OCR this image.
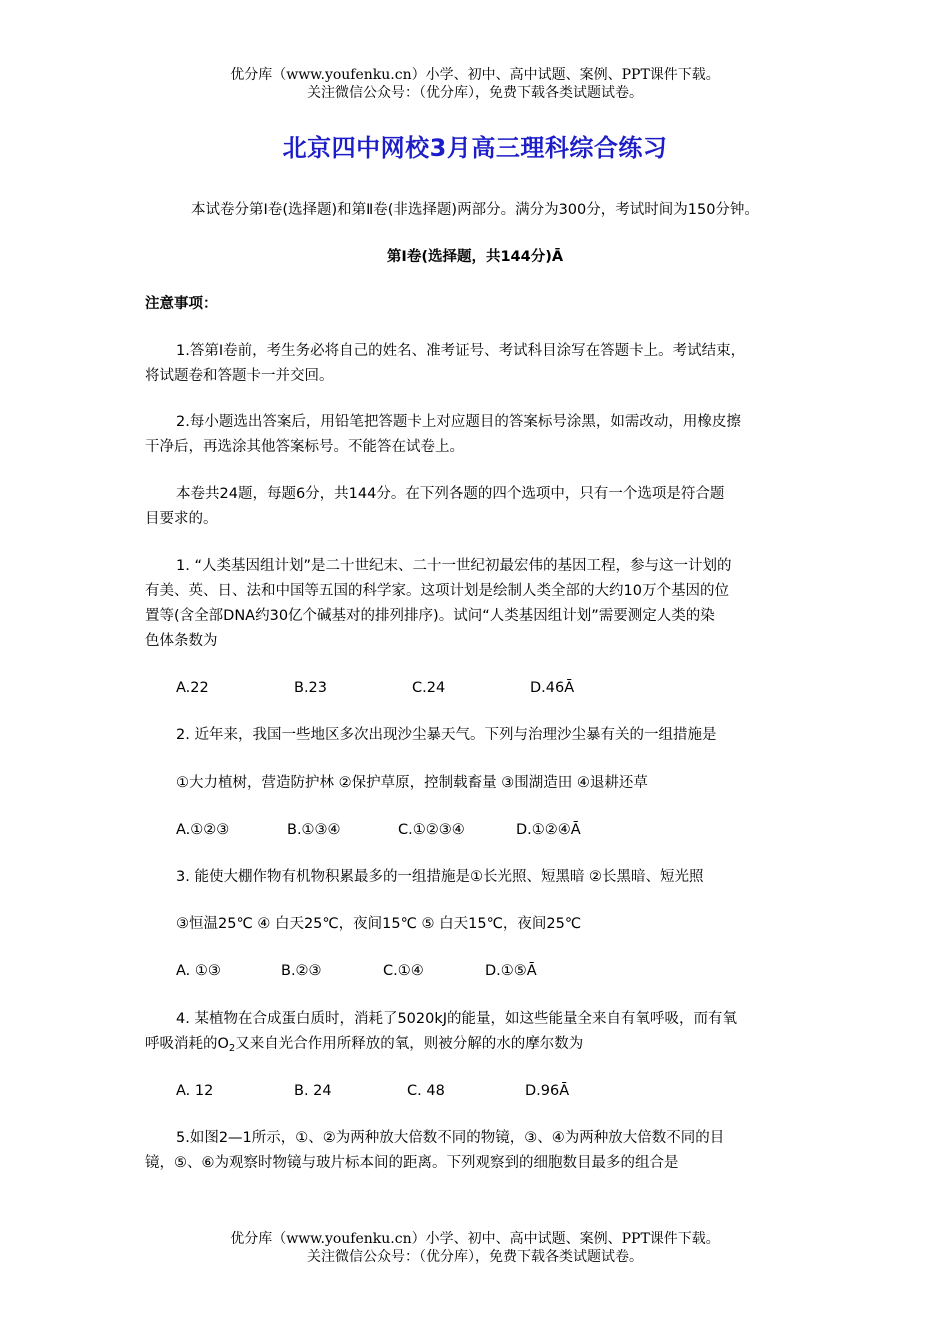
优分库（www.youfenku.cn）小学、初中、高中试题、案例、PPT课件下载。
关注微信公众号：（优分库），免费下载各类试题试卷。
北京四中网校3月高三理科综合练习
本试卷分第Ⅰ卷(选择题)和第Ⅱ卷(非选择题)两部分。满分为300分，考试时间为150分钟。
第Ⅰ卷(选择题，共144分)Ā
注意事项：
1.答第Ⅰ卷前，考生务必将自己的姓名、准考证号、考试科目涂写在答题卡上。考试结束，
将试题卷和答题卡一并交回。
2.每小题选出答案后，用铅笔把答题卡上对应题目的答案标号涂黑，如需改动，用橡皮擦
干净后，再选涂其他答案标号。不能答在试卷上。
本卷共24题，每题6分，共144分。在下列各题的四个选项中，只有一个选项是符合题
目要求的。
1. “人类基因组计划”是二十世纪末、二十一世纪初最宏伟的基因工程，参与这一计划的
有美、英、日、法和中国等五国的科学家。这项计划是绘制人类全部的大约10万个基因的位
置等(含全部DNA约30亿个碱基对的排列排序)。试问“人类基因组计划”需要测定人类的染
色体条数为
A.22	B.23	C.24	D.46Ā
2. 近年来，我国一些地区多次出现沙尘暴天气。下列与治理沙尘暴有关的一组措施是
①大力植树，营造防护林 ②保护草原，控制载畜量 ③围湖造田 ④退耕还草
A.①②③	B.①③④	C.①②③④	D.①②④Ā
3. 能使大棚作物有机物积累最多的一组措施是①长光照、短黑暗 ②长黑暗、短光照
③恒温25℃ ④ 白天25℃，夜间15℃ ⑤ 白天15℃，夜间25℃
A. ①③	B.②③	C.①④	D.①⑤Ā
4. 某植物在合成蛋白质时，消耗了5020kJ的能量，如这些能量全来自有氧呼吸，而有氧
呼吸消耗的$O_2$又来自光合作用所释放的氧，则被分解的水的摩尔数为
A. 12	B. 24	C. 48	D.96Ā
5.如图2—1所示，①、②为两种放大倍数不同的物镜，③、④为两种放大倍数不同的目
镜，⑤、⑥为观察时物镜与玻片标本间的距离。下列观察到的细胞数目最多的组合是
优分库（www.youfenku.cn）小学、初中、高中试题、案例、PPT课件下载。
关注微信公众号：（优分库），免费下载各类试题试卷。
